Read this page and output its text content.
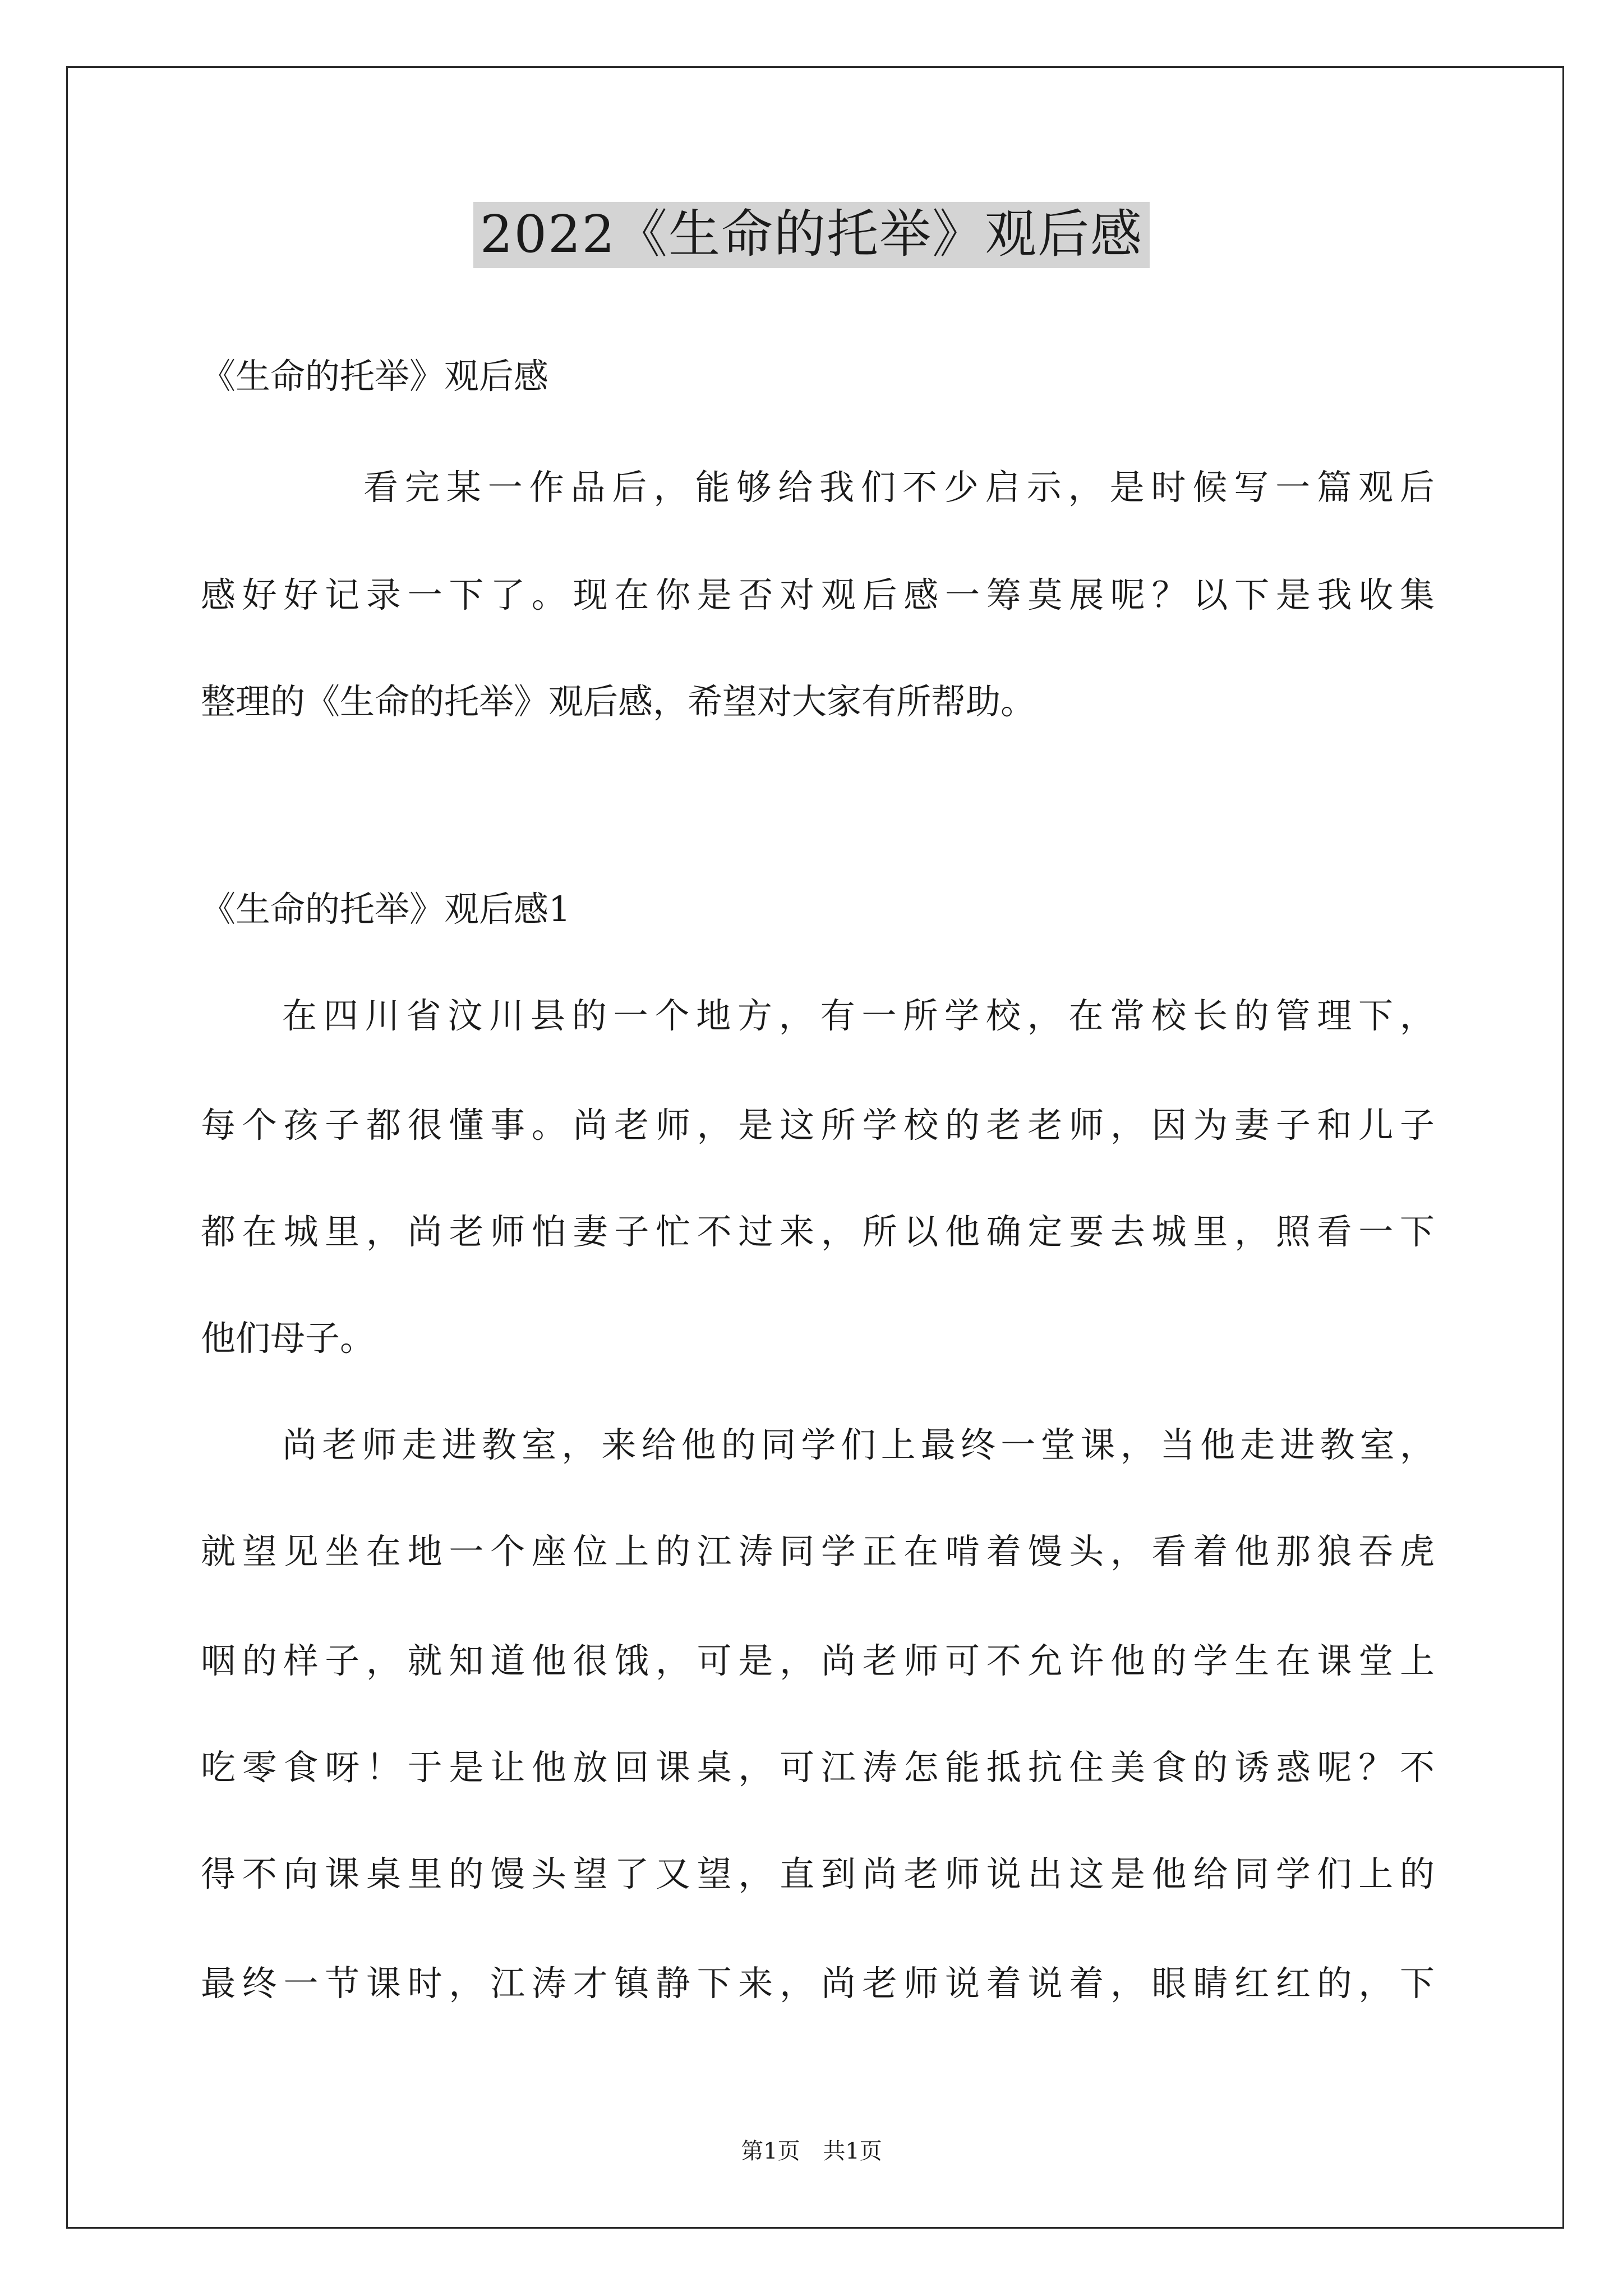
2022《生命的托举》观后感
《生命的托举》观后感
看完某一作品后，能够给我们不少启示，是时候写一篇观后
感好好记录一下了。现在你是否对观后感一筹莫展呢？以下是我收集
整理的《生命的托举》观后感，希望对大家有所帮助。
《生命的托举》观后感1
在四川省汶川县的一个地方，有一所学校，在常校长的管理下，
每个孩子都很懂事。尚老师，是这所学校的老老师，因为妻子和儿子
都在城里，尚老师怕妻子忙不过来，所以他确定要去城里，照看一下
他们母子。
尚老师走进教室，来给他的同学们上最终一堂课，当他走进教室，
就望见坐在地一个座位上的江涛同学正在啃着馒头，看着他那狼吞虎
咽的样子，就知道他很饿，可是，尚老师可不允许他的学生在课堂上
吃零食呀！于是让他放回课桌，可江涛怎能抵抗住美食的诱惑呢？不
得不向课桌里的馒头望了又望，直到尚老师说出这是他给同学们上的
最终一节课时，江涛才镇静下来，尚老师说着说着，眼睛红红的，下
第1页 共1页
